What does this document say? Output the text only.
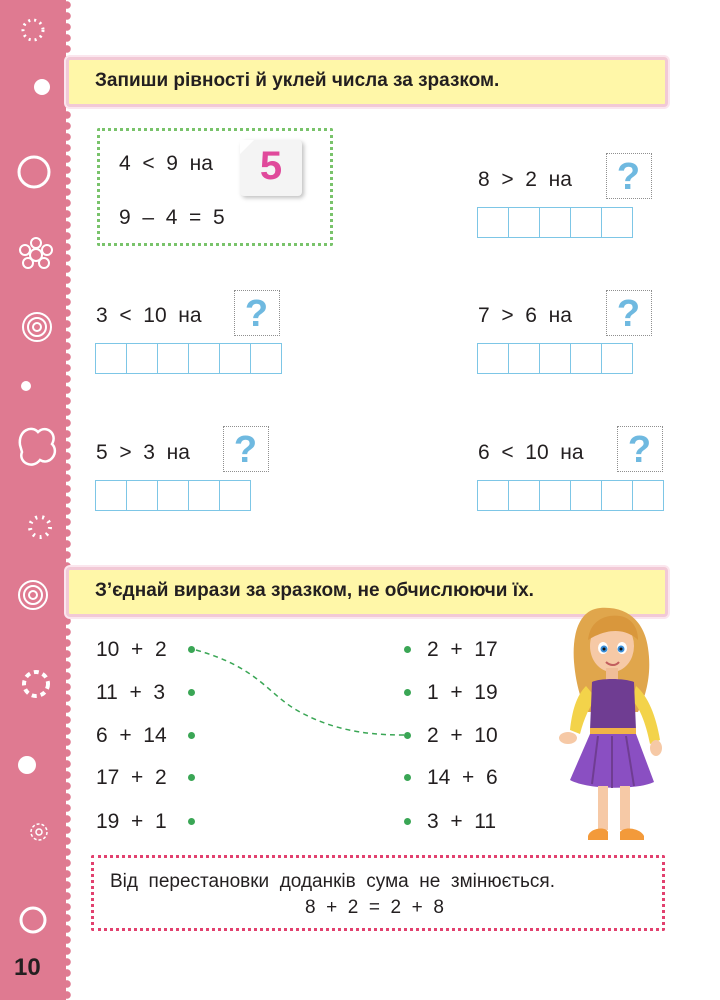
10
Запиши рівності й уклей числа за зразком.
4  <  9  на	5
9  –  4  =  5
8  >  2  на ?
3  <  10  на ?	7  >  6  на ?
5  >  3  на ?	6  <  10  на ?
З’єднай вирази за зразком, не обчислюючи їх.
10  +  2
11  +  3
6  +  14
17  +  2
19  +  1
2  +  17
1  +  19
2  +  10
14  +  6
3  +  11
Від  перестановки  доданків  сума  не  змінюється.
8  +  2  =  2  +  8
